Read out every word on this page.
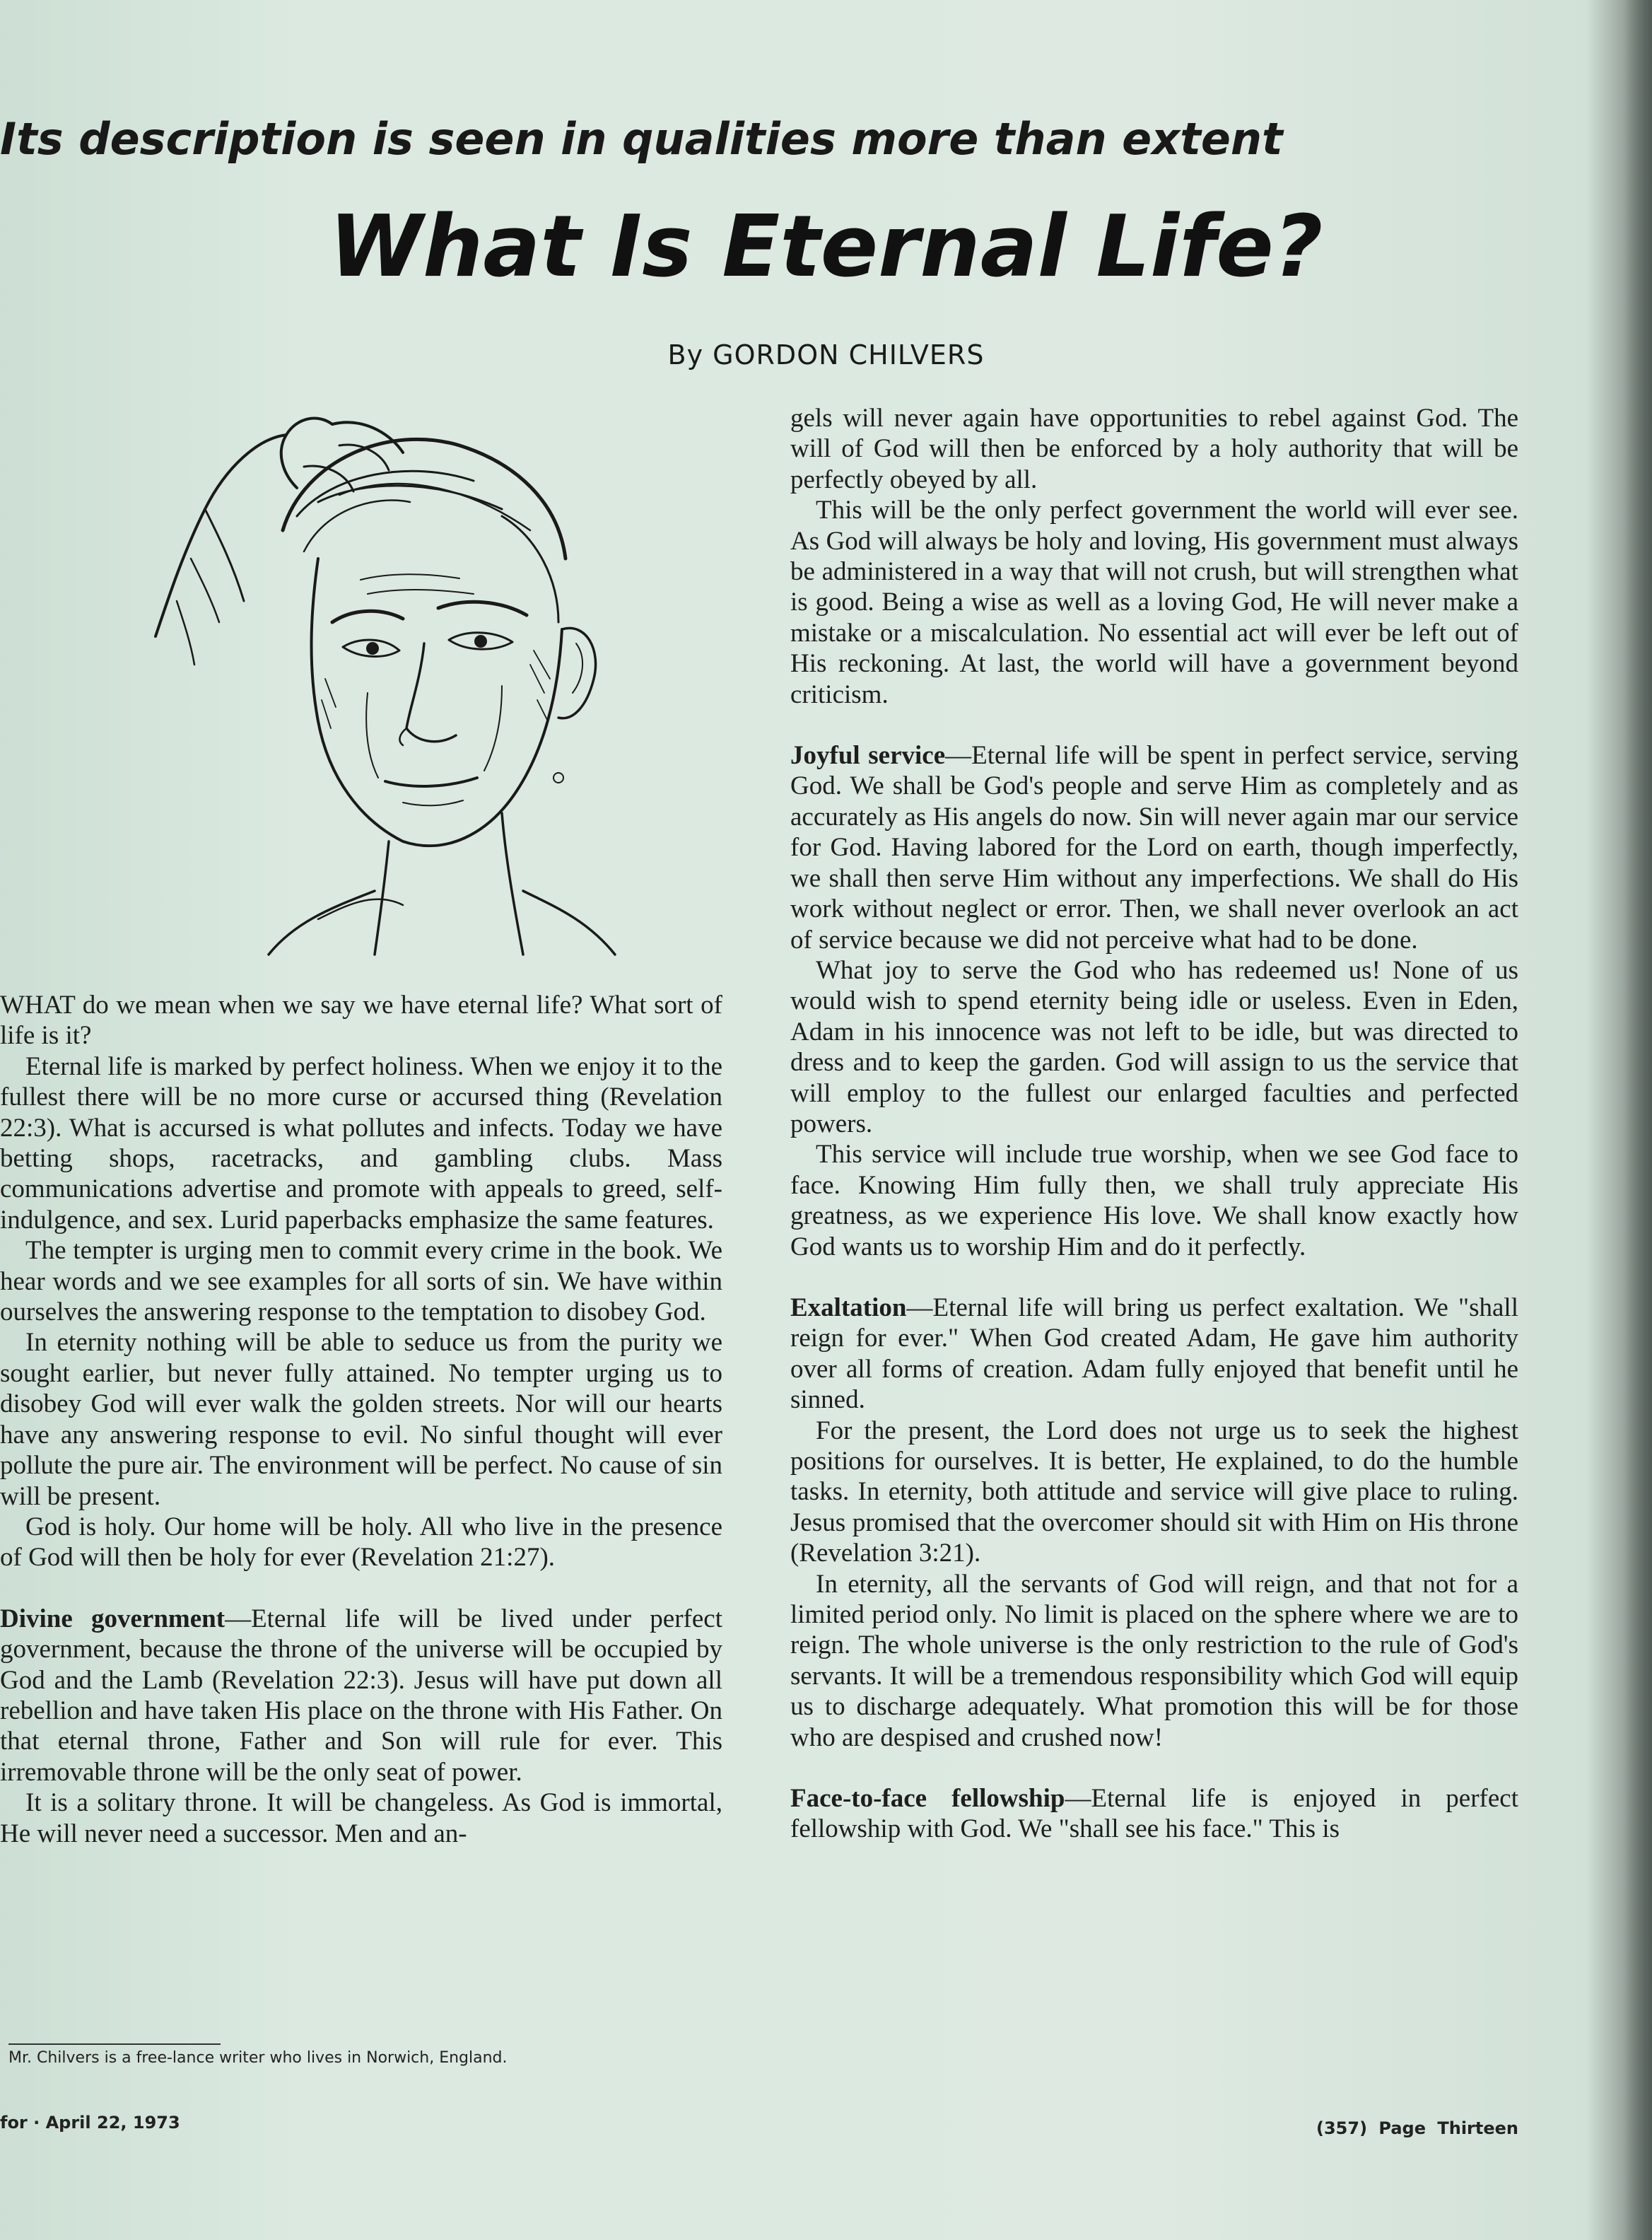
Its description is seen in qualities more than extent
What Is Eternal Life?
By GORDON CHILVERS

WHAT do we mean when we say we have eternal life? What sort of life is it?

Eternal life is marked by perfect holiness. When we enjoy it to the fullest there will be no more curse or accursed thing (Revelation 22:3). What is accursed is what pollutes and infects. Today we have betting shops, racetracks, and gambling clubs. Mass communications advertise and promote with appeals to greed, self-indulgence, and sex. Lurid paperbacks emphasize the same features.

The tempter is urging men to commit every crime in the book. We hear words and we see examples for all sorts of sin. We have within ourselves the answering response to the temptation to disobey God.

In eternity nothing will be able to seduce us from the purity we sought earlier, but never fully attained. No tempter urging us to disobey God will ever walk the golden streets. Nor will our hearts have any answering response to evil. No sinful thought will ever pollute the pure air. The environment will be perfect. No cause of sin will be present.

God is holy. Our home will be holy. All who live in the presence of God will then be holy for ever (Revelation 21:27).

Divine government—Eternal life will be lived under perfect government, because the throne of the universe will be occupied by God and the Lamb (Revelation 22:3). Jesus will have put down all rebellion and have taken His place on the throne with His Father. On that eternal throne, Father and Son will rule for ever. This irremovable throne will be the only seat of power.

It is a solitary throne. It will be changeless. As God is immortal, He will never need a successor. Men and an-

gels will never again have opportunities to rebel against God. The will of God will then be enforced by a holy authority that will be perfectly obeyed by all.

This will be the only perfect government the world will ever see. As God will always be holy and loving, His government must always be administered in a way that will not crush, but will strengthen what is good. Being a wise as well as a loving God, He will never make a mistake or a miscalculation. No essential act will ever be left out of His reckoning. At last, the world will have a government beyond criticism.

Joyful service—Eternal life will be spent in perfect service, serving God. We shall be God's people and serve Him as completely and as accurately as His angels do now. Sin will never again mar our service for God. Having labored for the Lord on earth, though imperfectly, we shall then serve Him without any imperfections. We shall do His work without neglect or error. Then, we shall never overlook an act of service because we did not perceive what had to be done.

What joy to serve the God who has redeemed us! None of us would wish to spend eternity being idle or useless. Even in Eden, Adam in his innocence was not left to be idle, but was directed to dress and to keep the garden. God will assign to us the service that will employ to the fullest our enlarged faculties and perfected powers.

This service will include true worship, when we see God face to face. Knowing Him fully then, we shall truly appreciate His greatness, as we experience His love. We shall know exactly how God wants us to worship Him and do it perfectly.

Exaltation—Eternal life will bring us perfect exaltation. We "shall reign for ever." When God created Adam, He gave him authority over all forms of creation. Adam fully enjoyed that benefit until he sinned.

For the present, the Lord does not urge us to seek the highest positions for ourselves. It is better, He explained, to do the humble tasks. In eternity, both attitude and service will give place to ruling. Jesus promised that the overcomer should sit with Him on His throne (Revelation 3:21).

In eternity, all the servants of God will reign, and that not for a limited period only. No limit is placed on the sphere where we are to reign. The whole universe is the only restriction to the rule of God's servants. It will be a tremendous responsibility which God will equip us to discharge adequately. What promotion this will be for those who are despised and crushed now!

Face-to-face fellowship—Eternal life is enjoyed in perfect fellowship with God. We "shall see his face." This is

Mr. Chilvers is a free-lance writer who lives in Norwich, England.
for · April 22, 1973	(357) Page Thirteen
